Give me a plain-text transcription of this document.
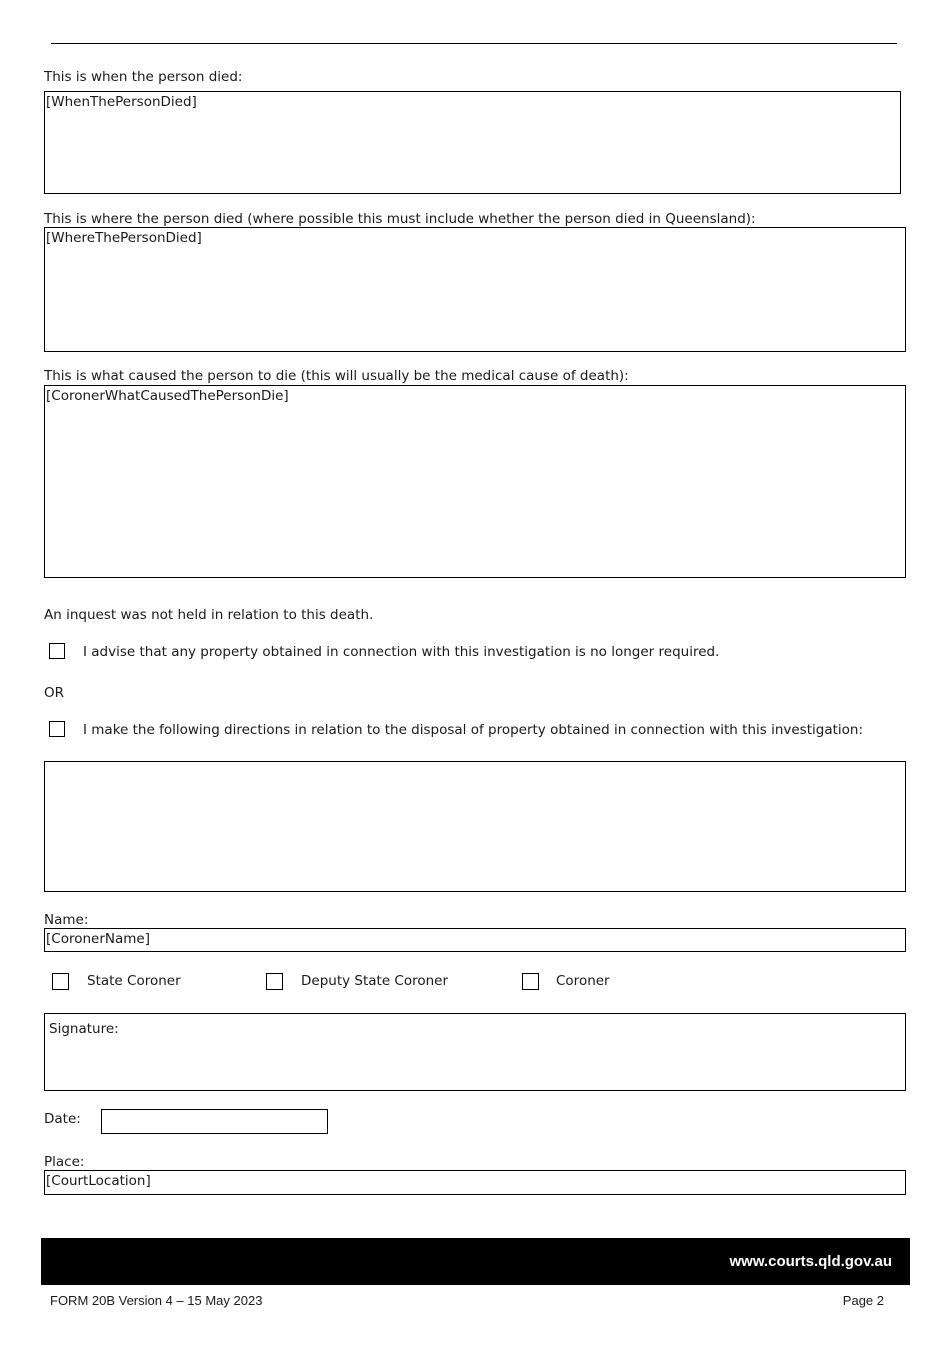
This is when the person died:
[WhenThePersonDied]
This is where the person died (where possible this must include whether the person died in Queensland):
[WhereThePersonDied]
This is what caused the person to die (this will usually be the medical cause of death):
[CoronerWhatCausedThePersonDie]
An inquest was not held in relation to this death.
I advise that any property obtained in connection with this investigation is no longer required.
OR
I make the following directions in relation to the disposal of property obtained in connection with this investigation:
Name:
[CoronerName]
State Coroner	Deputy State Coroner	Coroner
Signature:
Date:
Place:
[CourtLocation]
www.courts.qld.gov.au
FORM 20B Version 4 – 15 May 2023	Page 2
